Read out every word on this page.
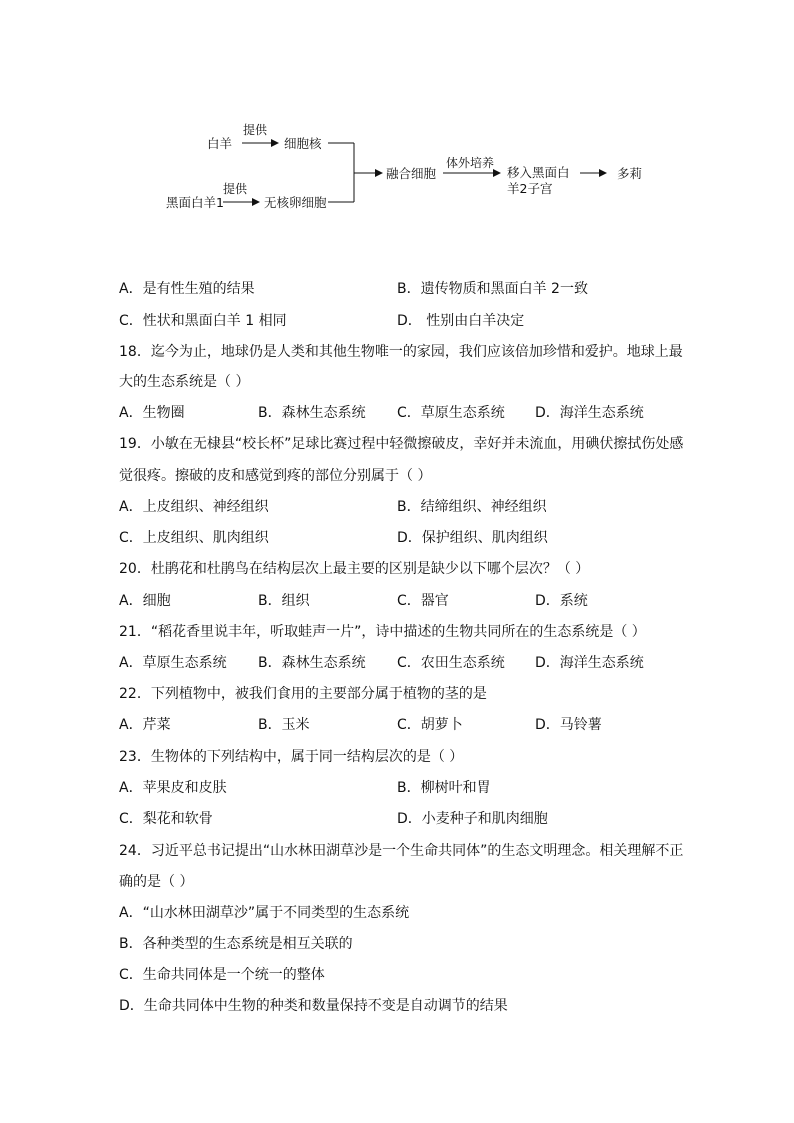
白羊
提供
细胞核
黑面白羊1
提供
无核卵细胞
融合细胞
体外培养
移入黑面白
羊2子宫
多莉
A．是有性生殖的结果	B．遗传物质和黑面白羊 2一致
C．性状和黑面白羊 1 相同	D． 性别由白羊决定
18．迄今为止，地球仍是人类和其他生物唯一的家园，我们应该倍加珍惜和爱护。地球上最
大的生态系统是（ ）
A．生物圈	B．森林生态系统 C．草原生态系统 D．海洋生态系统
19．小敏在无棣县“校长杯”足球比赛过程中轻微擦破皮，幸好并未流血，用碘伏擦拭伤处感
觉很疼。擦破的皮和感觉到疼的部位分别属于（ ）
A．上皮组织、神经组织	B．结缔组织、神经组织
C．上皮组织、肌肉组织	D．保护组织、肌肉组织
20．杜鹃花和杜鹃鸟在结构层次上最主要的区别是缺少以下哪个层次？（ ）
A．细胞	B．组织	C．器官	D．系统
21．“稻花香里说丰年，听取蛙声一片”，诗中描述的生物共同所在的生态系统是（ ）
A．草原生态系统 B．森林生态系统 C．农田生态系统 D．海洋生态系统
22．下列植物中，被我们食用的主要部分属于植物的茎的是
A．芹菜	B．玉米	C．胡萝卜	D．马铃薯
23．生物体的下列结构中，属于同一结构层次的是（ ）
A．苹果皮和皮肤	B．柳树叶和胃
C．梨花和软骨	D．小麦种子和肌肉细胞
24．习近平总书记提出“山水林田湖草沙是一个生命共同体”的生态文明理念。相关理解不正
确的是（ ）
A．“山水林田湖草沙”属于不同类型的生态系统
B．各种类型的生态系统是相互关联的
C．生命共同体是一个统一的整体
D．生命共同体中生物的种类和数量保持不变是自动调节的结果
